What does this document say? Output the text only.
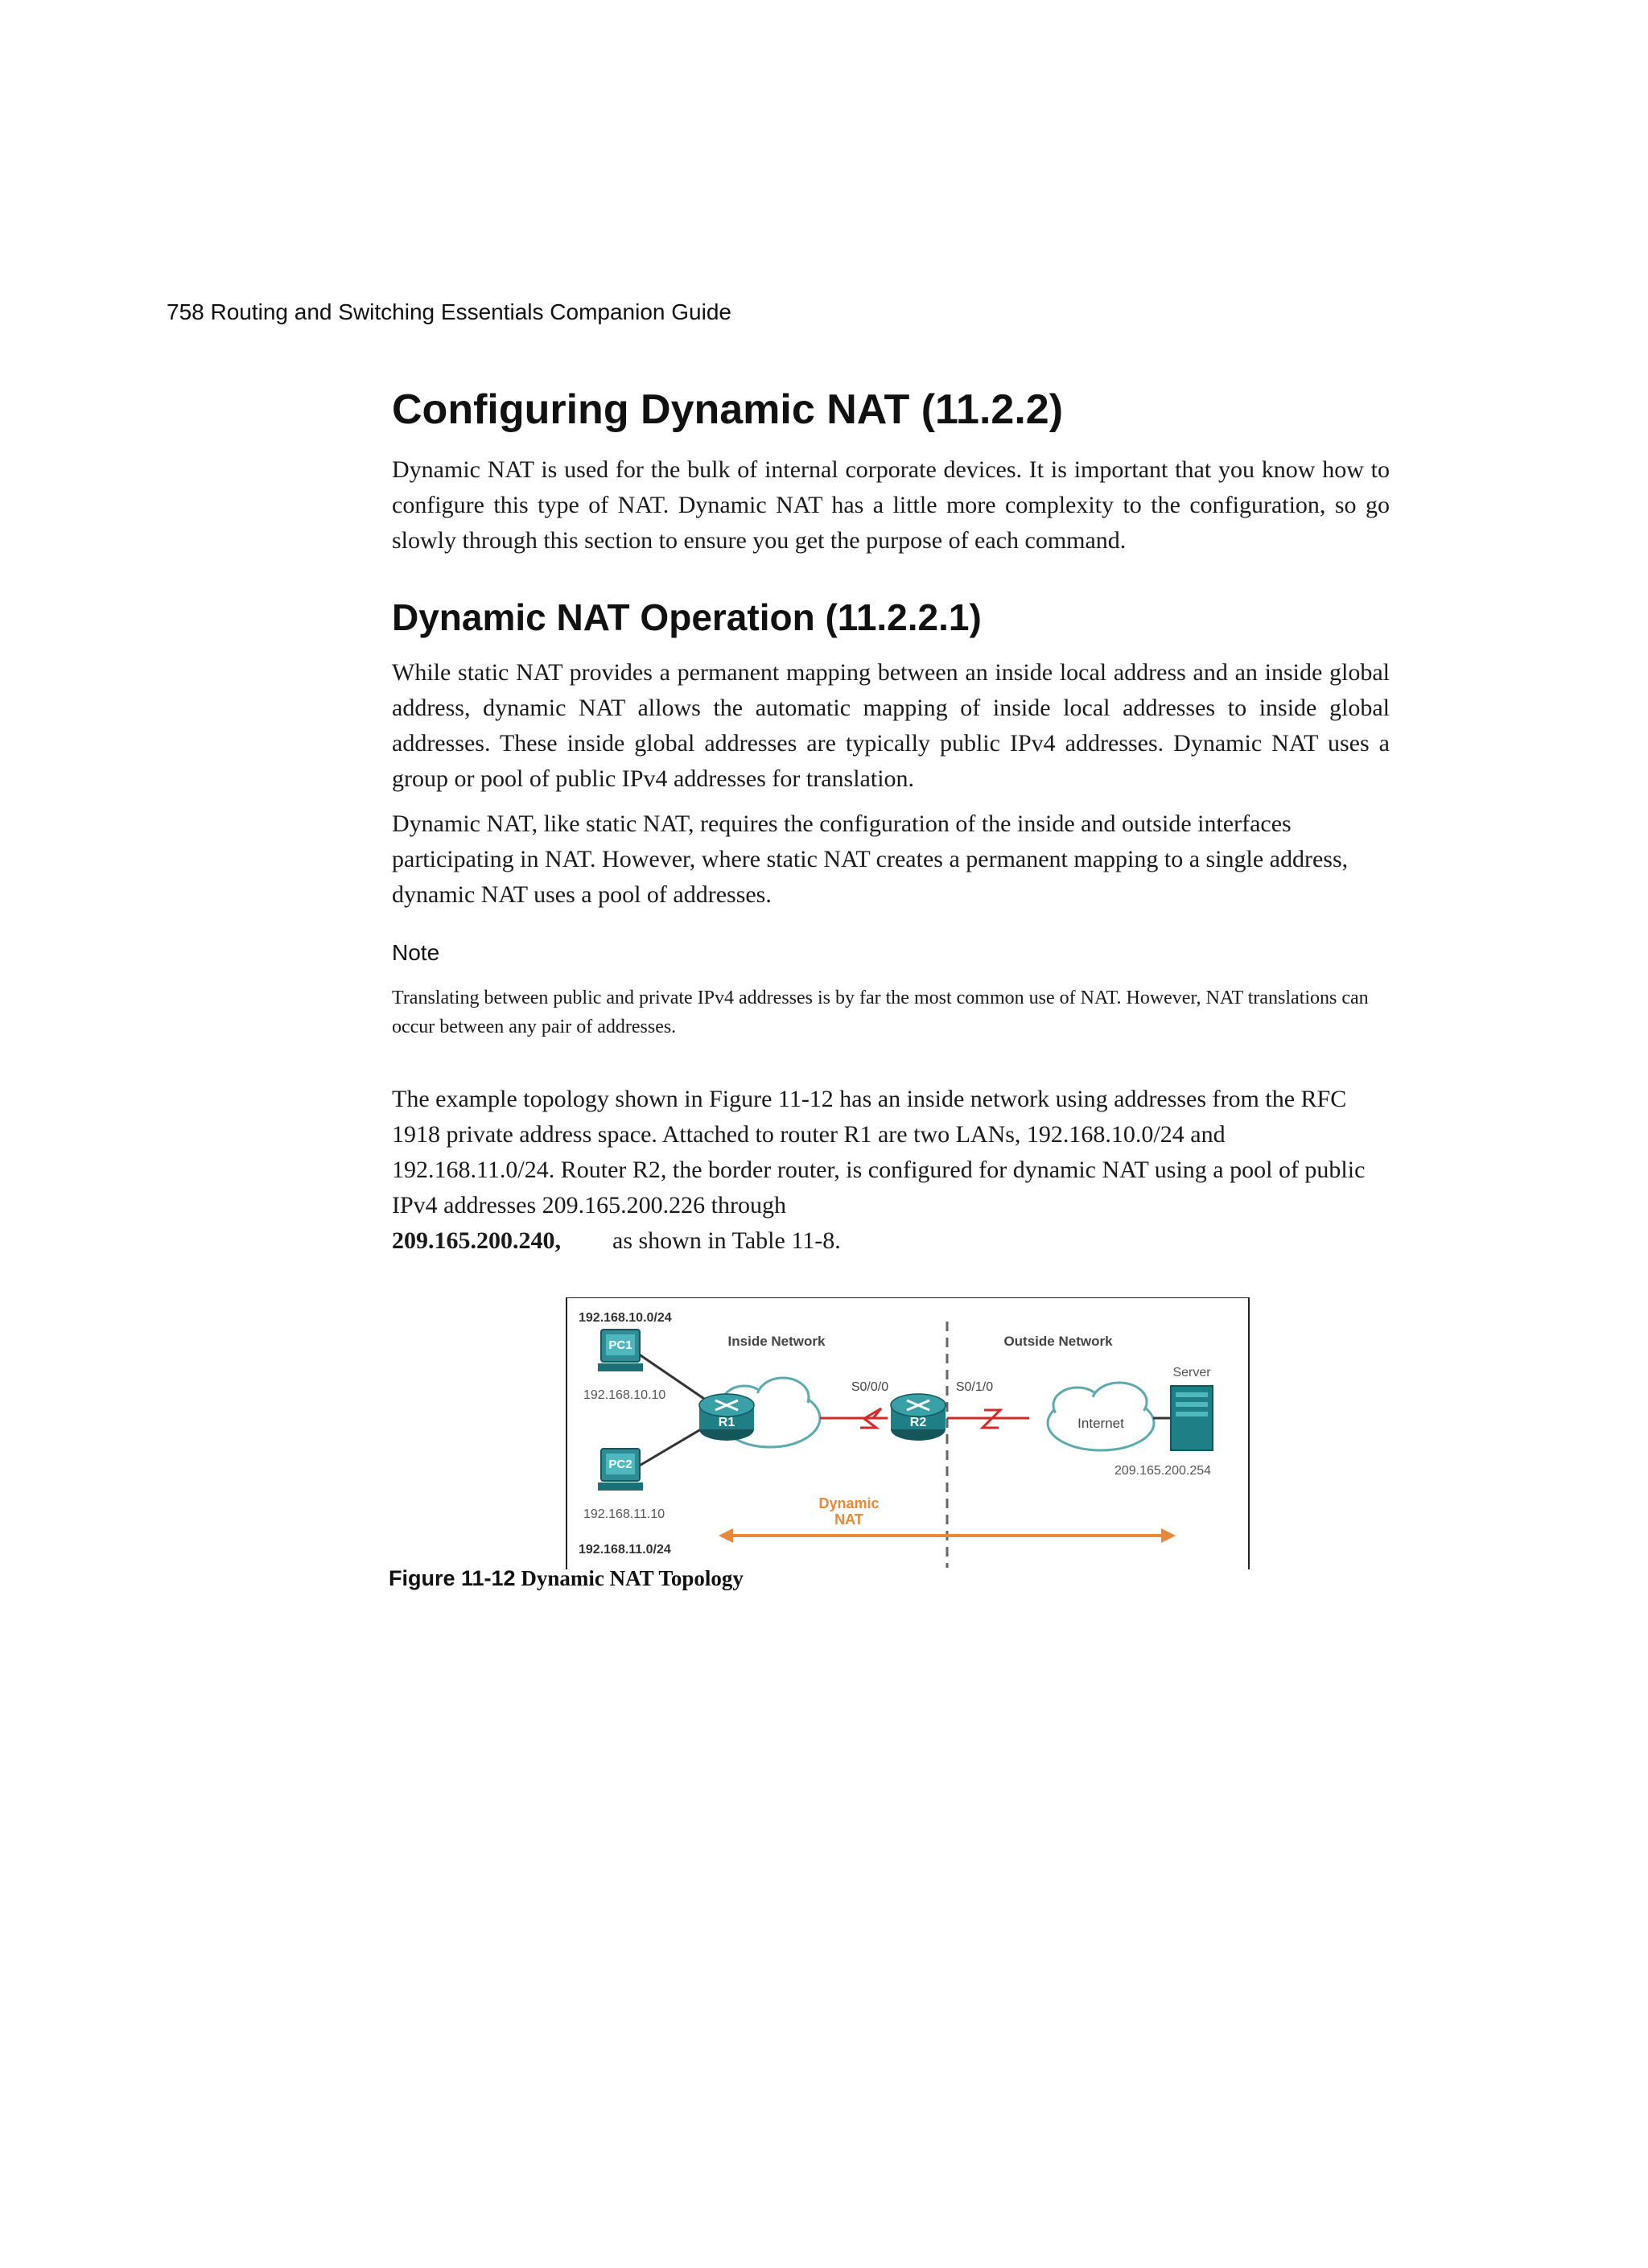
758 Routing and Switching Essentials Companion Guide
Configuring Dynamic NAT (11.2.2)

Dynamic NAT is used for the bulk of internal corporate devices. It is important that you know how to configure this type of NAT. Dynamic NAT has a little more complexity to the configuration, so go slowly through this section to ensure you get the purpose of each command.

Dynamic NAT Operation (11.2.2.1)

While static NAT provides a permanent mapping between an inside local address and an inside global address, dynamic NAT allows the automatic mapping of inside local addresses to inside global addresses. These inside global addresses are typically public IPv4 addresses. Dynamic NAT uses a group or pool of public IPv4 addresses for translation.

Dynamic NAT, like static NAT, requires the configuration of the inside and outside interfaces participating in NAT. However, where static NAT creates a permanent mapping to a single address, dynamic NAT uses a pool of addresses.

Note

Translating between public and private IPv4 addresses is by far the most common use of NAT. However, NAT translations can occur between any pair of addresses.

The example topology shown in Figure 11-12 has an inside network using addresses from the RFC 1918 private address space. Attached to router R1 are two LANs, 192.168.10.0/24 and 192.168.11.0/24. Router R2, the border router, is configured for dynamic NAT using a pool of public IPv4 addresses 209.165.200.226 through
209.165.200.240, as shown in Table 11-8.

192.168.10.0/24
192.168.11.0/24
Inside Network	Outside Network
PC1
192.168.10.10
PC2
192.168.11.10
R1
S0/0/0
R2
S0/1/0
Internet
Server
209.165.200.254
Dynamic
NAT
Figure 11-12 Dynamic NAT Topology
